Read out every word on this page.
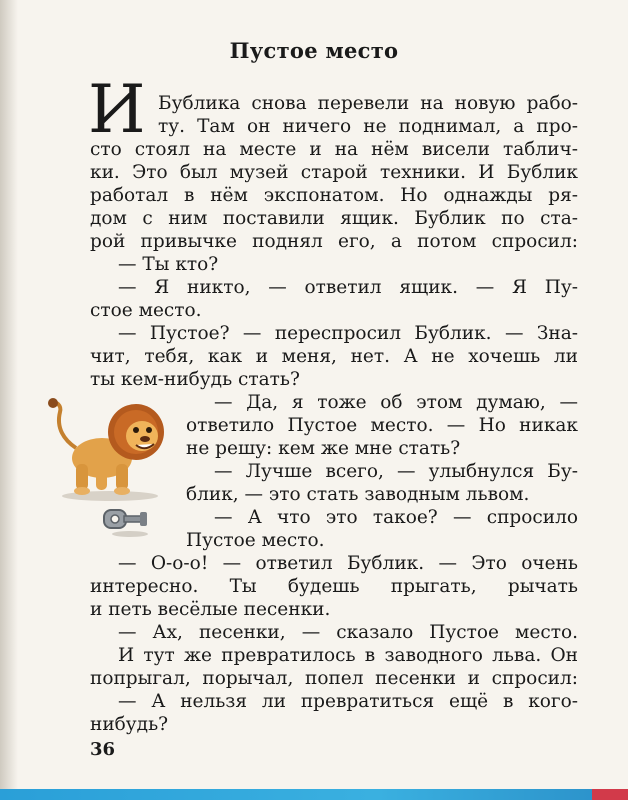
Пустое место
И Бублика снова перевели на новую рабо-
ту. Там он ничего не поднимал, а про-
сто стоял на месте и на нём висели таблич-
ки. Это был музей старой техники. И Бублик
работал в нём экспонатом. Но однажды ря-
дом с ним поставили ящик. Бублик по ста-
рой привычке поднял его, а потом спросил:
— Ты кто?
— Я никто, — ответил ящик. — Я Пу-
стое место.
— Пустое? — переспросил Бублик. — Зна-
чит, тебя, как и меня, нет. А не хочешь ли
ты кем-нибудь стать?
— Да, я тоже об этом думаю, —
ответило Пустое место. — Но никак
не решу: кем же мне стать?
— Лучше всего, — улыбнулся Бу-
блик, — это стать заводным львом.
— А что это такое? — спросило
Пустое место.
— О-о-о! — ответил Бублик. — Это очень
интересно. Ты будешь прыгать, рычать
и петь весёлые песенки.
— Ах, песенки, — сказало Пустое место.
И тут же превратилось в заводного льва. Он
попрыгал, порычал, попел песенки и спросил:
— А нельзя ли превратиться ещё в кого-
нибудь?
36
